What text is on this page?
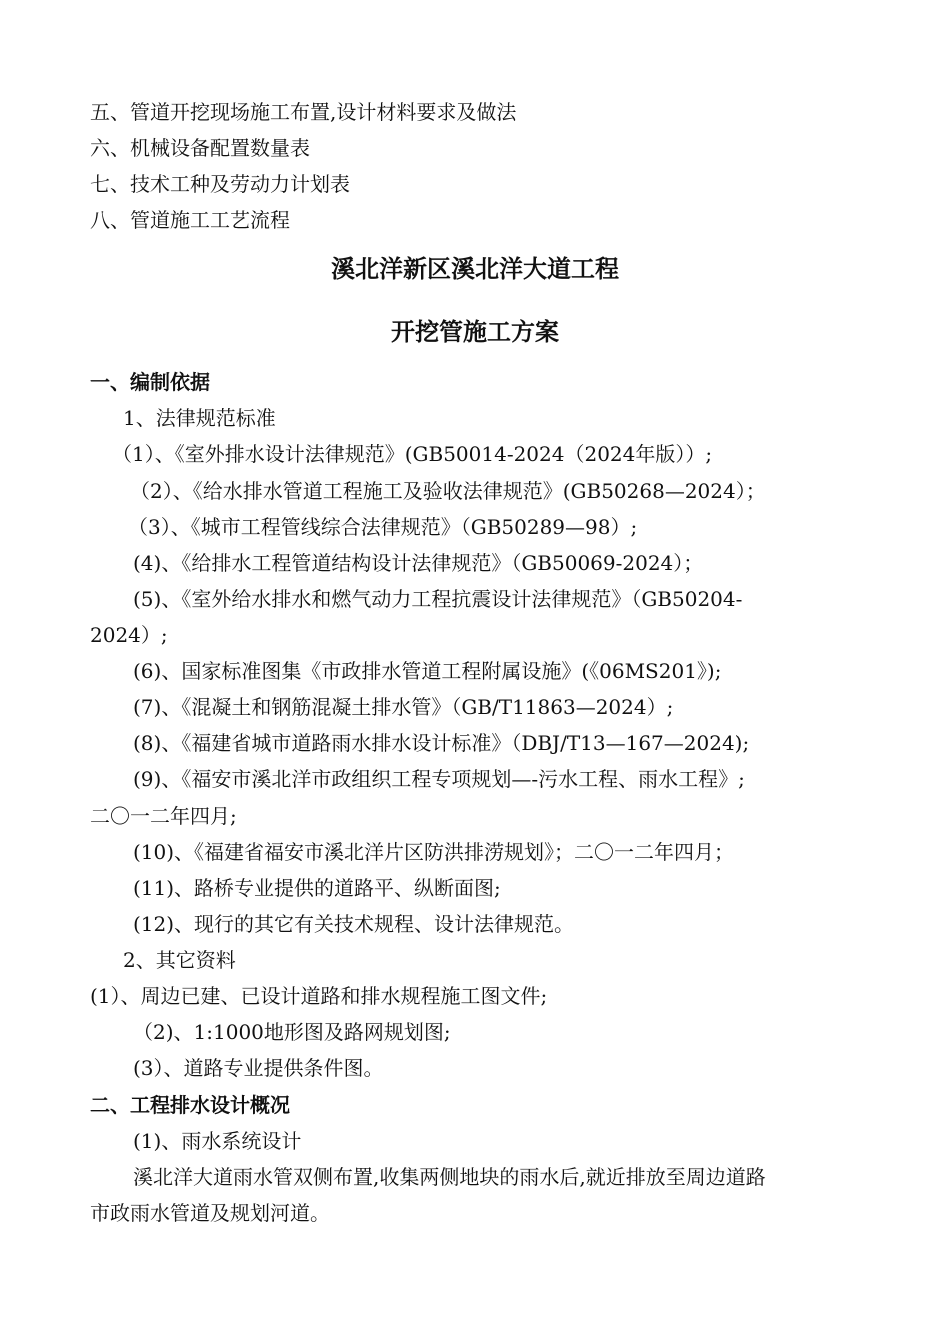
五、管道开挖现场施工布置,设计材料要求及做法
六、机械设备配置数量表
七、技术工种及劳动力计划表
八、管道施工工艺流程
溪北洋新区溪北洋大道工程
开挖管施工方案
一、编制依据
1、法律规范标准
（1）、《室外排水设计法律规范》(GB50014-2024（2024年版））;
（2）、《给水排水管道工程施工及验收法律规范》(GB50268—2024）；
（3）、《城市工程管线综合法律规范》（GB50289—98）;
(4)、《给排水工程管道结构设计法律规范》（GB50069-2024）；
(5)、《室外给水排水和燃气动力工程抗震设计法律规范》（GB50204-
2024）;
(6)、国家标准图集《市政排水管道工程附属设施》(《06MS201》);
(7)、《混凝土和钢筋混凝土排水管》（GB/T11863—2024）;
(8)、《福建省城市道路雨水排水设计标准》（DBJ/T13—167—2024);
(9)、《福安市溪北洋市政组织工程专项规划—-污水工程、雨水工程》;
二〇一二年四月;
(10)、《福建省福安市溪北洋片区防洪排涝规划》；二〇一二年四月；
(11)、路桥专业提供的道路平、纵断面图;
(12)、现行的其它有关技术规程、设计法律规范。
2、其它资料
(1）、周边已建、已设计道路和排水规程施工图文件;
（2)、1:1000地形图及路网规划图;
(3）、道路专业提供条件图。
二、工程排水设计概况
(1)、雨水系统设计
溪北洋大道雨水管双侧布置,收集两侧地块的雨水后,就近排放至周边道路
市政雨水管道及规划河道。
